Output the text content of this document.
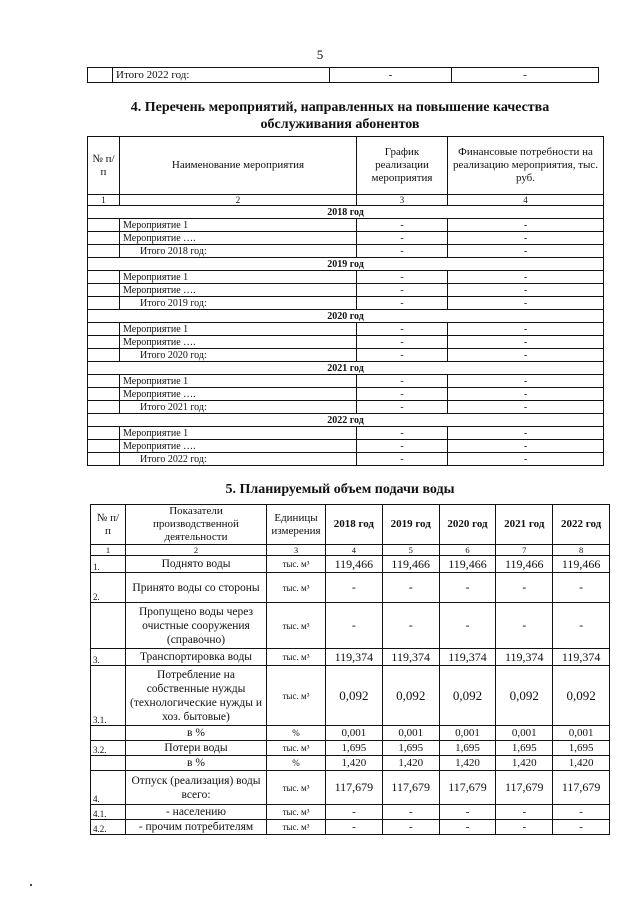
5
	Итого 2022 год:	-	-
4. Перечень мероприятий, направленных на повышение качества
обслуживания абонентов
№ п/п	Наименование мероприятия	График реализации мероприятия	Финансовые потребности на реализацию мероприятия, тыс. руб.
1	2	3	4
2018 год			
	Мероприятие 1	-	-
	Мероприятие ….	-	-
	Итого 2018 год:	-	-
2019 год			
	Мероприятие 1	-	-
	Мероприятие ….	-	-
	Итого 2019 год:	-	-
2020 год			
	Мероприятие 1	-	-
	Мероприятие ….	-	-
	Итого 2020 год:	-	-
2021 год			
	Мероприятие 1	-	-
	Мероприятие ….	-	-
	Итого 2021 год:	-	-
2022 год			
	Мероприятие 1	-	-
	Мероприятие ….	-	-
	Итого 2022 год:	-	-
5. Планируемый объем подачи воды
№ п/п	Показатели производственной деятельности	Единицы измерения	2018 год	2019 год	2020 год	2021 год	2022 год
1	2	3	4	5	6	7	8
1.	Поднято воды	тыс. м³	119,466	119,466	119,466	119,466	119,466
2.	Принято воды со стороны	тыс. м³	-	-	-	-	-
	Пропущено воды через очистные сооружения (справочно)	тыс. м³	-	-	-	-	-
3.	Транспортировка воды	тыс. м³	119,374	119,374	119,374	119,374	119,374
3.1.	Потребление на собственные нужды (технологические нужды и хоз. бытовые)	тыс. м³	0,092	0,092	0,092	0,092	0,092
	в %	%	0,001	0,001	0,001	0,001	0,001
3.2.	Потери воды	тыс. м³	1,695	1,695	1,695	1,695	1,695
	в %	%	1,420	1,420	1,420	1,420	1,420
4.	Отпуск (реализация) воды всего:	тыс. м³	117,679	117,679	117,679	117,679	117,679
4.1.	- населению	тыс. м³	-	-	-	-	-
4.2.	- прочим потребителям	тыс. м³	-	-	-	-	-
